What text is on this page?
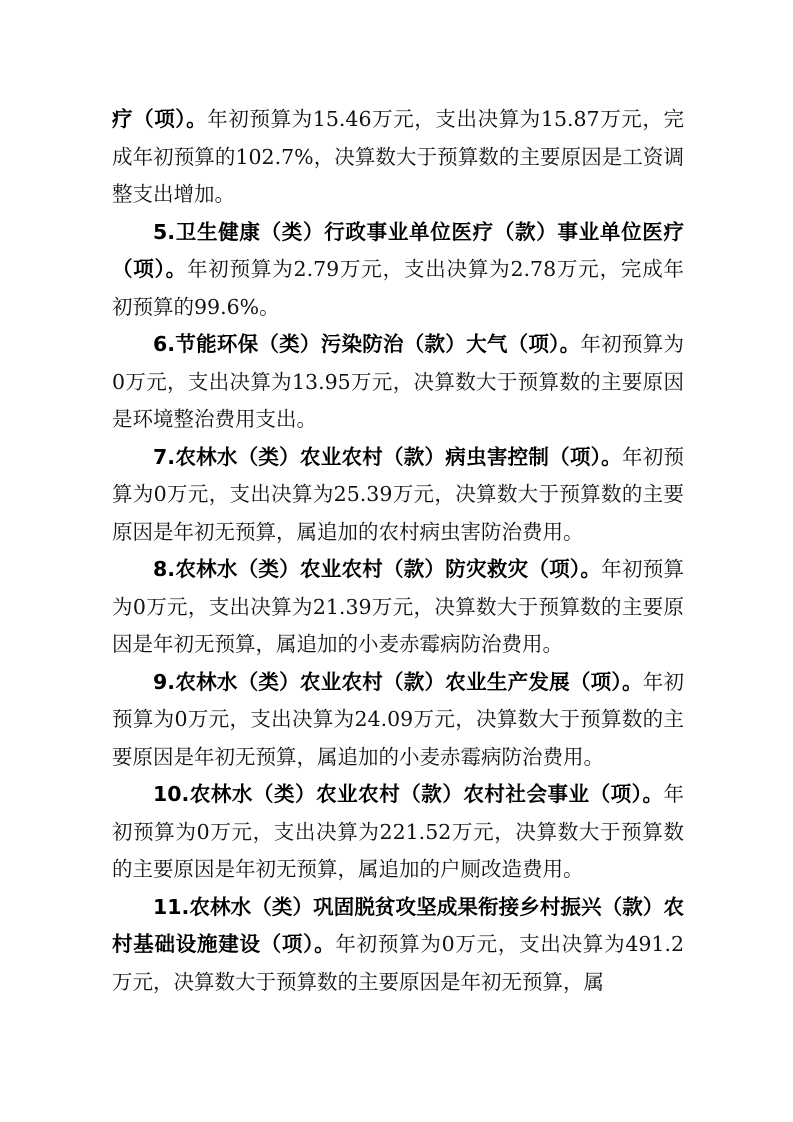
疗（项）。年初预算为15.46万元，支出决算为15.87万元，完成年初预算的102.7%，决算数大于预算数的主要原因是工资调整支出增加。

5.卫生健康（类）行政事业单位医疗（款）事业单位医疗（项）。年初预算为2.79万元，支出决算为2.78万元，完成年初预算的99.6%。

6.节能环保（类）污染防治（款）大气（项）。年初预算为0万元，支出决算为13.95万元，决算数大于预算数的主要原因是环境整治费用支出。

7.农林水（类）农业农村（款）病虫害控制（项）。年初预算为0万元，支出决算为25.39万元，决算数大于预算数的主要原因是年初无预算，属追加的农村病虫害防治费用。

8.农林水（类）农业农村（款）防灾救灾（项）。年初预算为0万元，支出决算为21.39万元，决算数大于预算数的主要原因是年初无预算，属追加的小麦赤霉病防治费用。

9.农林水（类）农业农村（款）农业生产发展（项）。年初预算为0万元，支出决算为24.09万元，决算数大于预算数的主要原因是年初无预算，属追加的小麦赤霉病防治费用。

10.农林水（类）农业农村（款）农村社会事业（项）。年初预算为0万元，支出决算为221.52万元，决算数大于预算数的主要原因是年初无预算，属追加的户厕改造费用。

11.农林水（类）巩固脱贫攻坚成果衔接乡村振兴（款）农村基础设施建设（项）。年初预算为0万元，支出决算为491.2万元，决算数大于预算数的主要原因是年初无预算，属
